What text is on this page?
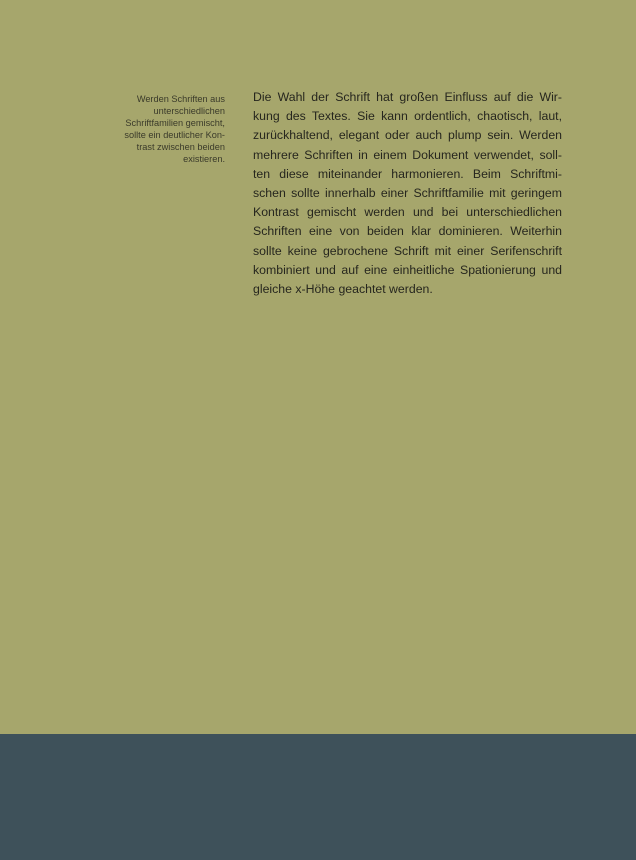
Werden Schriften aus
unterschiedlichen
Schriftfamilien gemischt,
sollte ein deutlicher Kon-
trast zwischen beiden
existieren.

Die Wahl der Schrift hat großen Einfluss auf die Wir-
kung des Textes. Sie kann ordentlich, chaotisch, laut,
zurückhaltend, elegant oder auch plump sein. Werden
mehrere Schriften in einem Dokument verwendet, soll-
ten diese miteinander harmonieren. Beim Schriftmi-
schen sollte innerhalb einer Schriftfamilie mit geringem
Kontrast gemischt werden und bei unterschiedlichen
Schriften eine von beiden klar dominieren. Weiterhin
sollte keine gebrochene Schrift mit einer Serifenschrift
kombiniert und auf eine einheitliche Spationierung und
gleiche x-Höhe geachtet werden.
